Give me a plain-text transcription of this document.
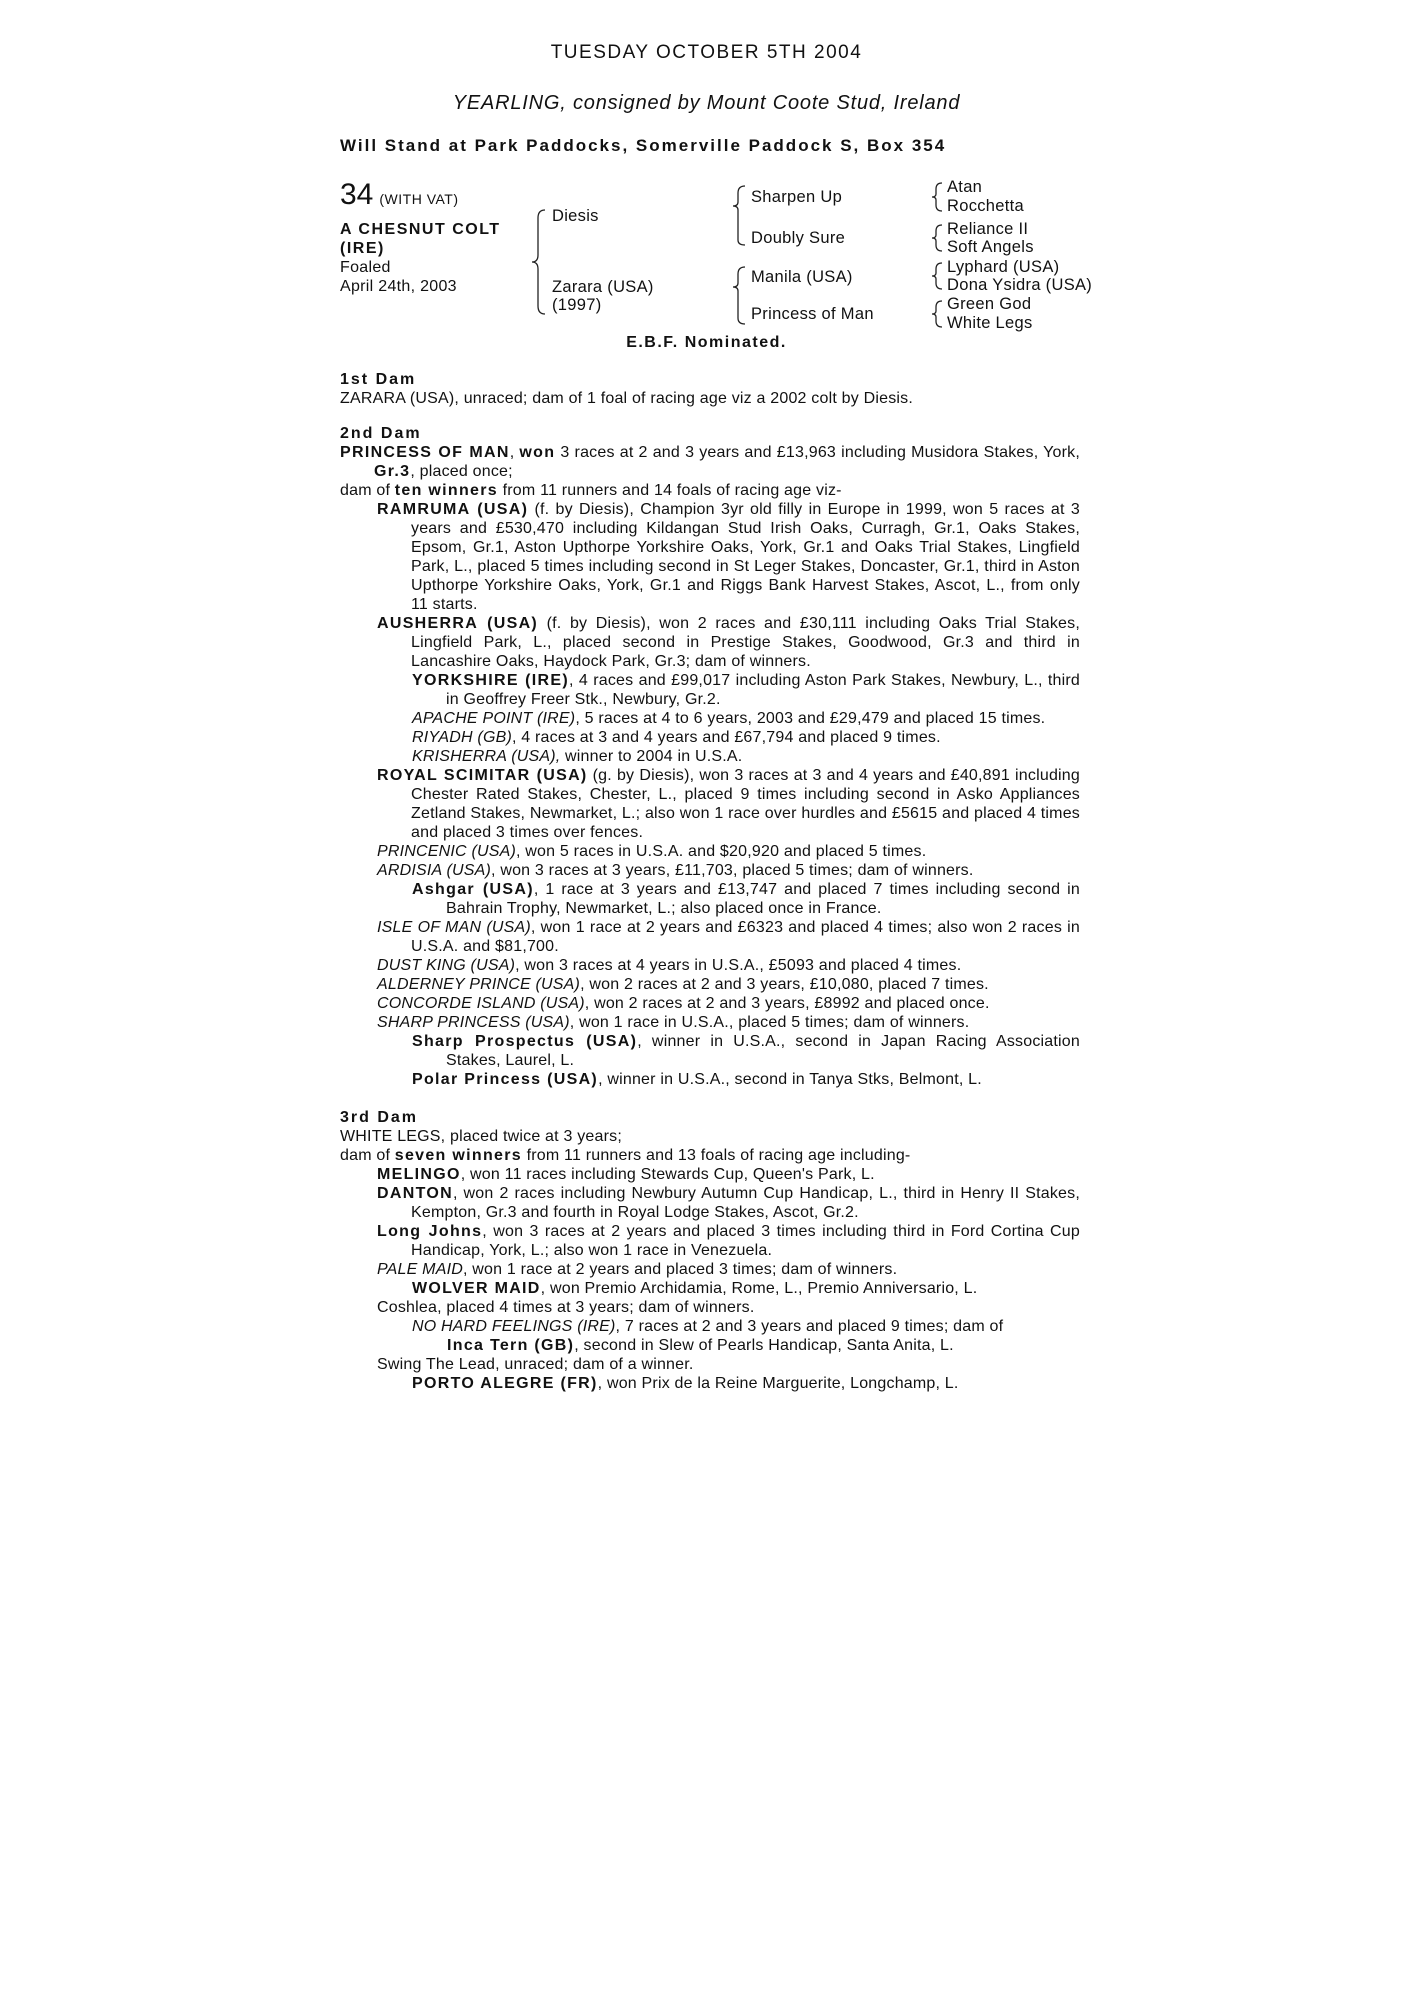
TUESDAY OCTOBER 5TH 2004
YEARLING, consigned by Mount Coote Stud, Ireland
Will Stand at Park Paddocks, Somerville Paddock S, Box 354
34 (WITH VAT)
A CHESNUT COLT (IRE)
Foaled
April 24th, 2003
Diesis
Zarara (USA)
(1997)
Sharpen Up
Doubly Sure
Manila (USA)
Princess of Man
Atan
Rocchetta
Reliance II
Soft Angels
Lyphard (USA)
Dona Ysidra (USA)
Green God
White Legs
E.B.F. Nominated.
1st Dam
ZARARA (USA), unraced; dam of 1 foal of racing age viz a 2002 colt by Diesis.
2nd Dam
PRINCESS OF MAN, won 3 races at 2 and 3 years and £13,963 including Musidora Stakes, York, Gr.3, placed once;
dam of ten winners from 11 runners and 14 foals of racing age viz-
RAMRUMA (USA) (f. by Diesis), Champion 3yr old filly in Europe in 1999, won 5 races at 3 years and £530,470 including Kildangan Stud Irish Oaks, Curragh, Gr.1, Oaks Stakes, Epsom, Gr.1, Aston Upthorpe Yorkshire Oaks, York, Gr.1 and Oaks Trial Stakes, Lingfield Park, L., placed 5 times including second in St Leger Stakes, Doncaster, Gr.1, third in Aston Upthorpe Yorkshire Oaks, York, Gr.1 and Riggs Bank Harvest Stakes, Ascot, L., from only 11 starts.
AUSHERRA (USA) (f. by Diesis), won 2 races and £30,111 including Oaks Trial Stakes, Lingfield Park, L., placed second in Prestige Stakes, Goodwood, Gr.3 and third in Lancashire Oaks, Haydock Park, Gr.3; dam of winners.
YORKSHIRE (IRE), 4 races and £99,017 including Aston Park Stakes, Newbury, L., third in Geoffrey Freer Stk., Newbury, Gr.2.
APACHE POINT (IRE), 5 races at 4 to 6 years, 2003 and £29,479 and placed 15 times.
RIYADH (GB), 4 races at 3 and 4 years and £67,794 and placed 9 times.
KRISHERRA (USA), winner to 2004 in U.S.A.
ROYAL SCIMITAR (USA) (g. by Diesis), won 3 races at 3 and 4 years and £40,891 including Chester Rated Stakes, Chester, L., placed 9 times including second in Asko Appliances Zetland Stakes, Newmarket, L.; also won 1 race over hurdles and £5615 and placed 4 times and placed 3 times over fences.
PRINCENIC (USA), won 5 races in U.S.A. and $20,920 and placed 5 times.
ARDISIA (USA), won 3 races at 3 years, £11,703, placed 5 times; dam of winners.
Ashgar (USA), 1 race at 3 years and £13,747 and placed 7 times including second in Bahrain Trophy, Newmarket, L.; also placed once in France.
ISLE OF MAN (USA), won 1 race at 2 years and £6323 and placed 4 times; also won 2 races in U.S.A. and $81,700.
DUST KING (USA), won 3 races at 4 years in U.S.A., £5093 and placed 4 times.
ALDERNEY PRINCE (USA), won 2 races at 2 and 3 years, £10,080, placed 7 times.
CONCORDE ISLAND (USA), won 2 races at 2 and 3 years, £8992 and placed once.
SHARP PRINCESS (USA), won 1 race in U.S.A., placed 5 times; dam of winners.
Sharp Prospectus (USA), winner in U.S.A., second in Japan Racing Association Stakes, Laurel, L.
Polar Princess (USA), winner in U.S.A., second in Tanya Stks, Belmont, L.
3rd Dam
WHITE LEGS, placed twice at 3 years;
dam of seven winners from 11 runners and 13 foals of racing age including-
MELINGO, won 11 races including Stewards Cup, Queen's Park, L.
DANTON, won 2 races including Newbury Autumn Cup Handicap, L., third in Henry II Stakes, Kempton, Gr.3 and fourth in Royal Lodge Stakes, Ascot, Gr.2.
Long Johns, won 3 races at 2 years and placed 3 times including third in Ford Cortina Cup Handicap, York, L.; also won 1 race in Venezuela.
PALE MAID, won 1 race at 2 years and placed 3 times; dam of winners.
WOLVER MAID, won Premio Archidamia, Rome, L., Premio Anniversario, L.
Coshlea, placed 4 times at 3 years; dam of winners.
NO HARD FEELINGS (IRE), 7 races at 2 and 3 years and placed 9 times; dam of
Inca Tern (GB), second in Slew of Pearls Handicap, Santa Anita, L.
Swing The Lead, unraced; dam of a winner.
PORTO ALEGRE (FR), won Prix de la Reine Marguerite, Longchamp, L.
